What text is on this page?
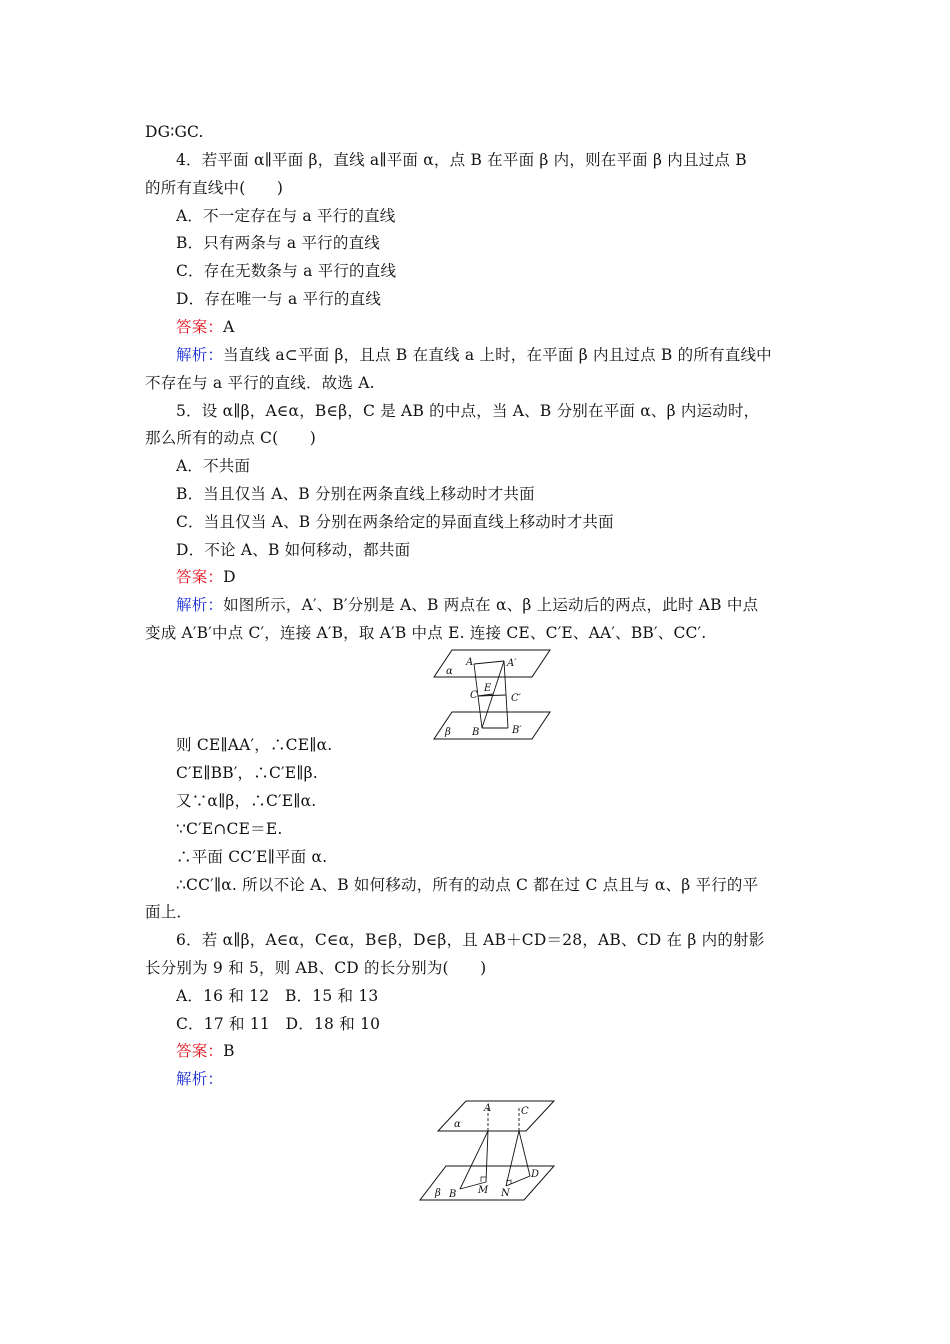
DG∶GC.
4．若平面 α∥平面 β，直线 a∥平面 α，点 B 在平面 β 内，则在平面 β 内且过点 B
的所有直线中(　　)
A．不一定存在与 a 平行的直线
B．只有两条与 a 平行的直线
C．存在无数条与 a 平行的直线
D．存在唯一与 a 平行的直线
答案：A
解析：当直线 a⊂平面 β，且点 B 在直线 a 上时，在平面 β 内且过点 B 的所有直线中
不存在与 a 平行的直线．故选 A.
5．设 α∥β，A∈α，B∈β，C 是 AB 的中点，当 A、B 分别在平面 α、β 内运动时，
那么所有的动点 C(　　)
A．不共面
B．当且仅当 A、B 分别在两条直线上移动时才共面
C．当且仅当 A、B 分别在两条给定的异面直线上移动时才共面
D．不论 A、B 如何移动，都共面
答案：D
解析：如图所示，A′、B′分别是 A、B 两点在 α、β 上运动后的两点，此时 AB 中点
变成 A′B′中点 C′，连接 A′B，取 A′B 中点 E. 连接 CE、C′E、AA′、BB′、CC′.
α
A	A′
C
E
C′
β B	B′
则 CE∥AA′，∴CE∥α.
C′E∥BB′，∴C′E∥β.
又∵α∥β，∴C′E∥α.
∵C′E∩CE＝E.
∴平面 CC′E∥平面 α.
∴CC′∥α. 所以不论 A、B 如何移动，所有的动点 C 都在过 C 点且与 α、β 平行的平
面上．
6．若 α∥β，A∈α，C∈α，B∈β，D∈β，且 AB＋CD＝28，AB、CD 在 β 内的射影
长分别为 9 和 5，则 AB、CD 的长分别为(　　)
A．16 和 12　B．15 和 13
C．17 和 11　D．18 和 10
答案：B
解析：
α
A	C
D
β B M N
